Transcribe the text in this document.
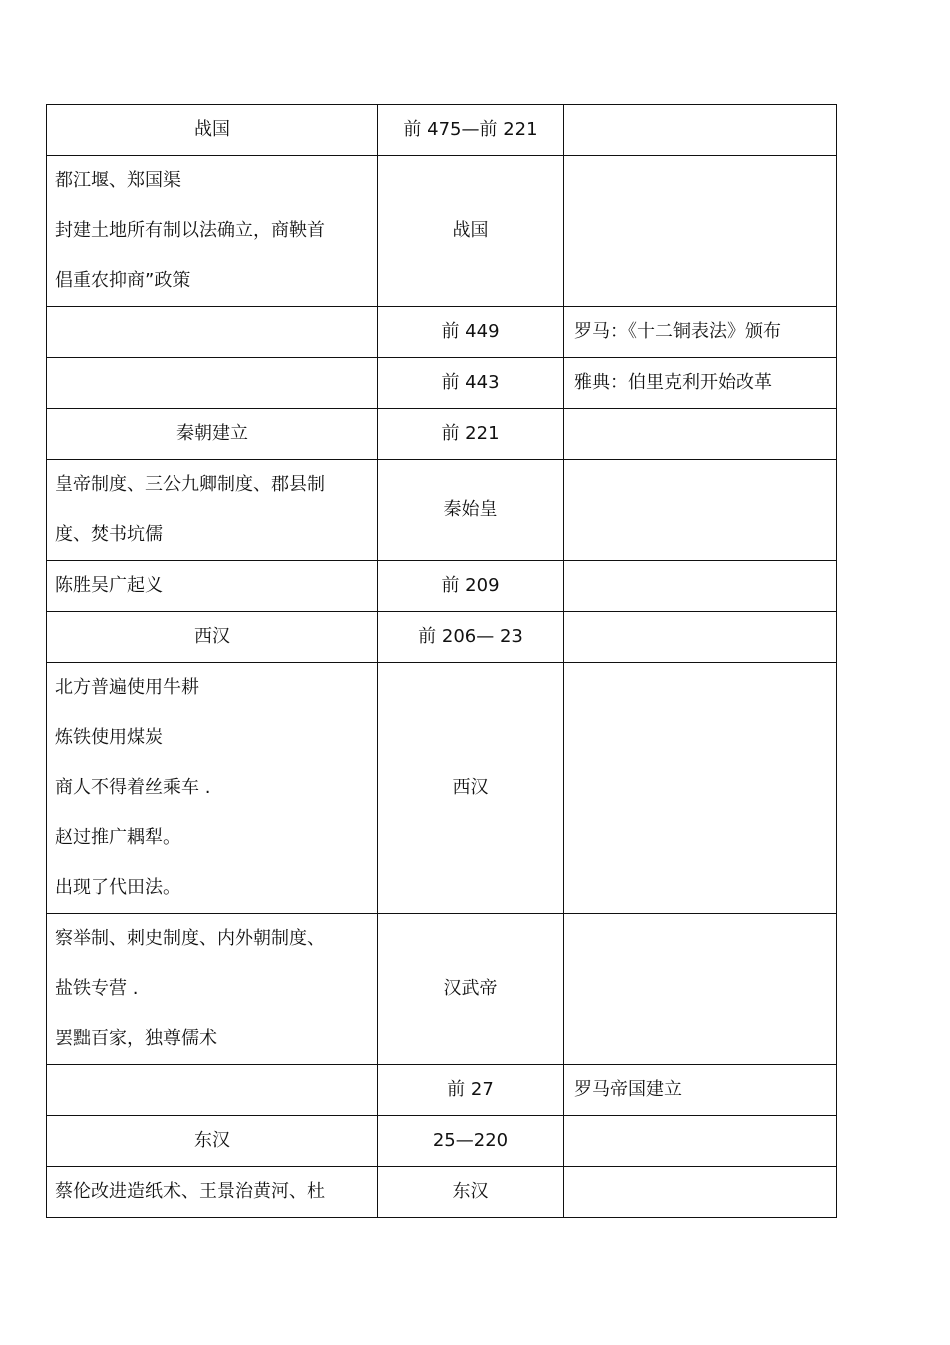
战国	前 475—前 221	

都江堰、郑国渠
封建土地所有制以法确立，商鞅首
倡重农抑商”政策	战国	

	前 449	罗马：《十二铜表法》颁布

	前 443	雅典：伯里克利开始改革

秦朝建立	前 221	

皇帝制度、三公九卿制度、郡县制
度、焚书坑儒	秦始皇	

陈胜吴广起义	前 209	

西汉	前 206— 23	

北方普遍使用牛耕
炼铁使用煤炭
商人不得着丝乘车 .
赵过推广耦犁。
出现了代田法。	西汉	

察举制、刺史制度、内外朝制度、
盐铁专营 .
罢黜百家，独尊儒术	汉武帝	

	前 27	罗马帝国建立

东汉	25—220	

蔡伦改进造纸术、王景治黄河、杜	东汉	
